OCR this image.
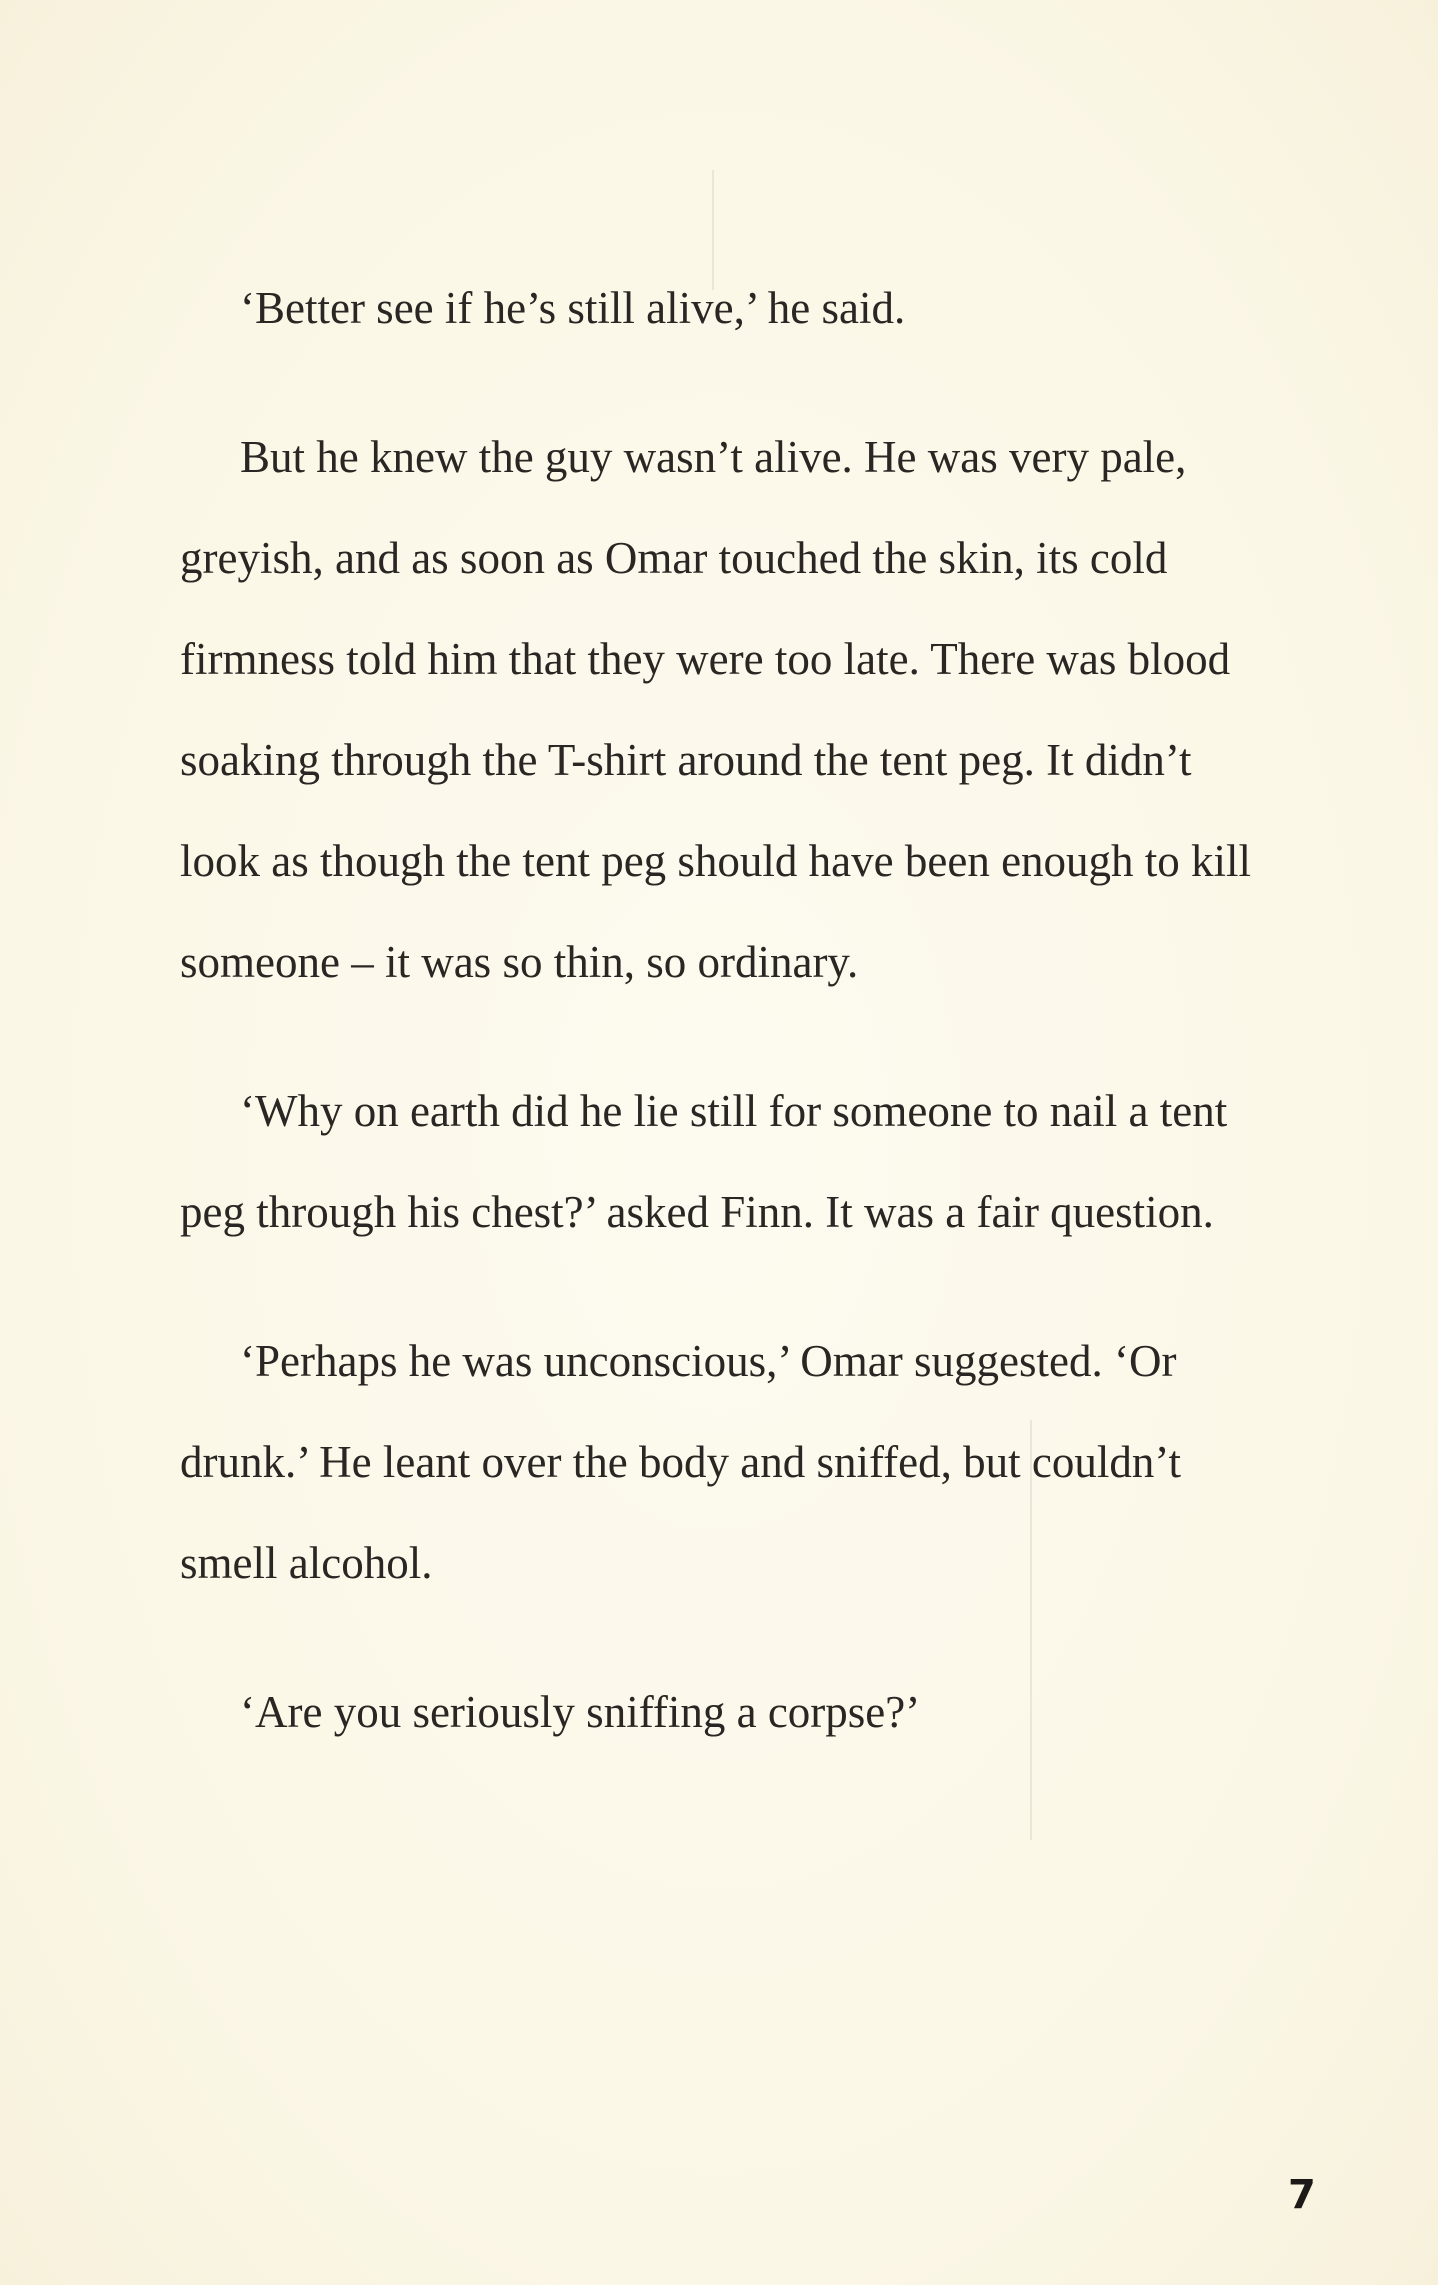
‘Better see if he’s still alive,’ he said.

But he knew the guy wasn’t alive. He was very pale, greyish, and as soon as Omar touched the skin, its cold firmness told him that they were too late. There was blood soaking through the T-shirt around the tent peg. It didn’t look as though the tent peg should have been enough to kill someone – it was so thin, so ordinary.

‘Why on earth did he lie still for someone to nail a tent peg through his chest?’ asked Finn. It was a fair question.

‘Perhaps he was unconscious,’ Omar suggested. ‘Or drunk.’ He leant over the body and sniffed, but couldn’t smell alcohol.

‘Are you seriously sniffing a corpse?’

7
